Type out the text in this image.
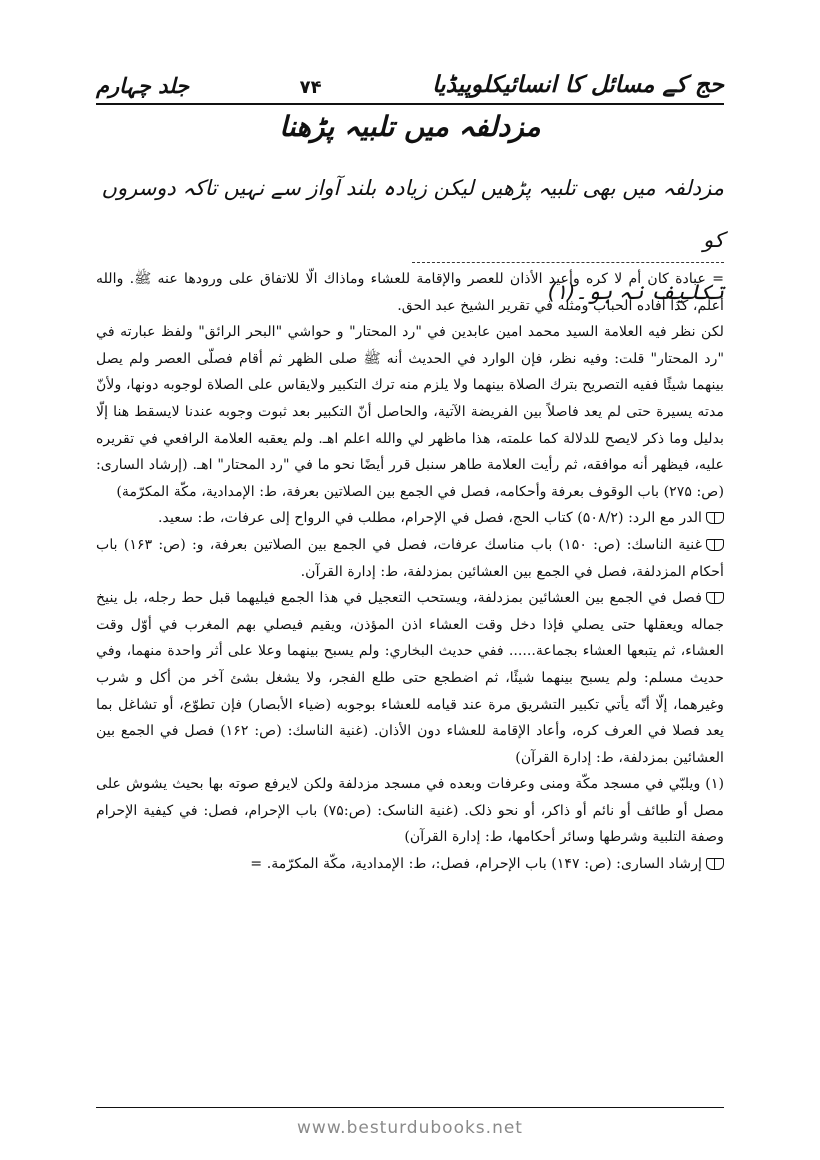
حج کے مسائل کا انسائیکلوپیڈیا
۷۴
جلد چہارم
مزدلفہ میں تلبیہ پڑھنا

مزدلفہ میں بھی تلبیہ پڑھیں لیکن زیادہ بلند آواز سے نہیں تاکہ دوسروں کو

تکلیف نہ ہو۔(۱)

= عبادة كان أم لا كره وأعيد الأذان للعصر والإقامة للعشاء وماذاك الّا للاتفاق على ورودها عنه ﷺ. والله أعلم، كذا أفاده الحباب ومثله في تقرير الشيخ عبد الحق.

لكن نظر فيه العلامة السيد محمد امين عابدين في "رد المحتار" و حواشي "البحر الرائق" ولفظ عبارته في "رد المحتار" قلت: وفيه نظر، فإن الوارد في الحديث أنه ﷺ صلى الظهر ثم أقام فصلّى العصر ولم يصل بينهما شيئًا ففيه التصريح بترك الصلاة بينهما ولا يلزم منه ترك التكبير ولايقاس على الصلاة لوجوبه دونها، ولأنّ مدته يسيرة حتى لم يعد فاصلاً بين الفريضة الآتية، والحاصل أنّ التكبير بعد ثبوت وجوبه عندنا لايسقط هنا إلّا بدليل وما ذكر لايصح للدلالة كما علمته، هذا ماظهر لي والله اعلم اهـ. ولم يعقبه العلامة الرافعي في تقريره عليه، فيظهر أنه موافقه، ثم رأيت العلامة طاهر سنبل قرر أيضًا نحو ما في "رد المحتار" اهـ. (إرشاد السارى: (ص: ۲۷۵) باب الوقوف بعرفة وأحكامه، فصل في الجمع بين الصلاتين بعرفة، ط: الإمدادية، مكّة المكرّمة)

الدر مع الرد: (۵۰۸/۲) كتاب الحج، فصل في الإحرام، مطلب في الرواح إلى عرفات، ط: سعيد.

غنية الناسك: (ص: ۱۵۰) باب مناسك عرفات، فصل في الجمع بين الصلاتين بعرفة، و: (ص: ۱۶۳) باب أحكام المزدلفة، فصل في الجمع بين العشائين بمزدلفة، ط: إدارة القرآن.

فصل في الجمع بين العشائين بمزدلفة، ويستحب التعجيل في هذا الجمع فيليهما قبل حط رجله، بل ينيخ جماله ويعقلها حتى يصلي فإذا دخل وقت العشاء اذن المؤذن، ويقيم فيصلي بهم المغرب في أوّل وقت العشاء، ثم يتبعها العشاء بجماعة...... ففي حديث البخاري: ولم يسبح بينهما وعلا على أثر واحدة منهما، وفي حديث مسلم: ولم يسبح بينهما شيئًا، ثم اضطجع حتى طلع الفجر، ولا يشغل بشئ آخر من أكل و شرب وغيرهما، إلّا أنّه يأتي تكبير التشريق مرة عند قيامه للعشاء بوجوبه (ضياء الأبصار) فإن تطوّع، أو تشاغل بما يعد فصلا في العرف كره، وأعاد الإقامة للعشاء دون الأذان. (غنية الناسك: (ص: ۱۶۲) فصل في الجمع بين العشائين بمزدلفة، ط: إدارة القرآن)

(۱) ويلبّي في مسجد مكّة ومنى وعرفات وبعده في مسجد مزدلفة ولكن لايرفع صوته بها بحيث يشوش على مصل أو طائف أو نائم أو ذاكر، أو نحو ذلک. (غنية الناسک: (ص:۷۵) باب الإحرام، فصل: في كيفية الإحرام وصفة التلبية وشرطها وسائر أحكامها، ط: إدارة القرآن)

إرشاد السارى: (ص: ۱۴۷) باب الإحرام، فصل:، ط: الإمدادية، مكّة المكرّمة. =

www.besturdubooks.net
